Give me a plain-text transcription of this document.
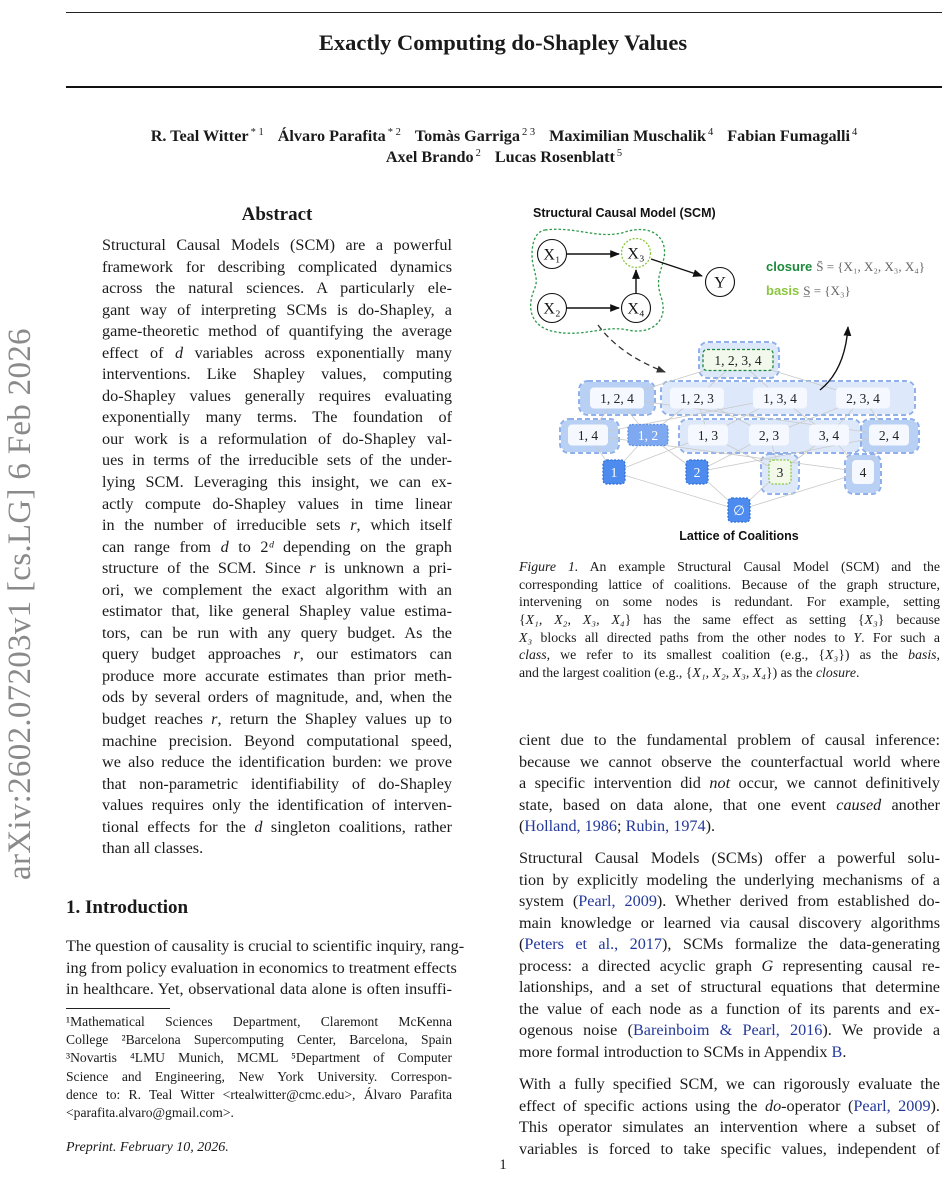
Exactly Computing do-Shapley Values
R. Teal Witter $^{* 1}$ Álvaro Parafita $^{* 2}$ Tomàs Garriga $^{2 3}$ Maximilian Muschalik $^4$ Fabian Fumagalli $^4$
Axel Brando $^2$ Lucas Rosenblatt $^5$
arXiv:2602.07203v1 [cs.LG] 6 Feb 2026
Abstract
Structural Causal Models (SCM) are a powerful
framework for describing complicated dynamics
across the natural sciences. A particularly ele-
gant way of interpreting SCMs is do-Shapley, a
game-theoretic method of quantifying the average
effect of d variables across exponentially many
interventions. Like Shapley values, computing
do-Shapley values generally requires evaluating
exponentially many terms. The foundation of
our work is a reformulation of do-Shapley val-
ues in terms of the irreducible sets of the under-
lying SCM. Leveraging this insight, we can ex-
actly compute do-Shapley values in time linear
in the number of irreducible sets r, which itself
can range from d to 2ᵈ depending on the graph
structure of the SCM. Since r is unknown a pri-
ori, we complement the exact algorithm with an
estimator that, like general Shapley value estima-
tors, can be run with any query budget. As the
query budget approaches r, our estimators can
produce more accurate estimates than prior meth-
ods by several orders of magnitude, and, when the
budget reaches r, return the Shapley values up to
machine precision. Beyond computational speed,
we also reduce the identification burden: we prove
that non-parametric identifiability of do-Shapley
values requires only the identification of interven-
tional effects for the d singleton coalitions, rather
than all classes.
1. Introduction
The question of causality is crucial to scientific inquiry, rang-
ing from policy evaluation in economics to treatment effects
in healthcare. Yet, observational data alone is often insuffi-
¹Mathematical Sciences Department, Claremont McKenna
College ²Barcelona Supercomputing Center, Barcelona, Spain
³Novartis ⁴LMU Munich, MCML ⁵Department of Computer
Science and Engineering, New York University. Correspon-
dence to: R. Teal Witter <rtealwitter@cmc.edu>, Álvaro Parafita
<parafita.alvaro@gmail.com>.
Preprint. February 10, 2026.
Structural Causal Model (SCM)
X₁
X₂
X₃
X₄
Y
closure S̄ = {X₁, X₂, X₃, X₄}
basis S̲ = {X₃}
1, 2, 3, 4
1, 2, 4	1, 2, 3	1, 3, 4	2, 3, 4
1, 4	1, 2	1, 3	2, 3	3, 4	2, 4
1	2	3	4
∅
Lattice of Coalitions
Figure 1. An example Structural Causal Model (SCM) and the
corresponding lattice of coalitions. Because of the graph structure,
intervening on some nodes is redundant. For example, setting
{X₁, X₂, X₃, X₄} has the same effect as setting {X₃} because
X₃ blocks all directed paths from the other nodes to Y. For such a
class, we refer to its smallest coalition (e.g., {X₃}) as the basis,
and the largest coalition (e.g., {X₁, X₂, X₃, X₄}) as the closure.
cient due to the fundamental problem of causal inference:
because we cannot observe the counterfactual world where
a specific intervention did not occur, we cannot definitively
state, based on data alone, that one event caused another
(Holland, 1986; Rubin, 1974).
Structural Causal Models (SCMs) offer a powerful solu-
tion by explicitly modeling the underlying mechanisms of a
system (Pearl, 2009). Whether derived from established do-
main knowledge or learned via causal discovery algorithms
(Peters et al., 2017), SCMs formalize the data-generating
process: a directed acyclic graph G representing causal re-
lationships, and a set of structural equations that determine
the value of each node as a function of its parents and ex-
ogenous noise (Bareinboim & Pearl, 2016). We provide a
more formal introduction to SCMs in Appendix B.
With a fully specified SCM, we can rigorously evaluate the
effect of specific actions using the do-operator (Pearl, 2009).
This operator simulates an intervention where a subset of
variables is forced to take specific values, independent of
1
